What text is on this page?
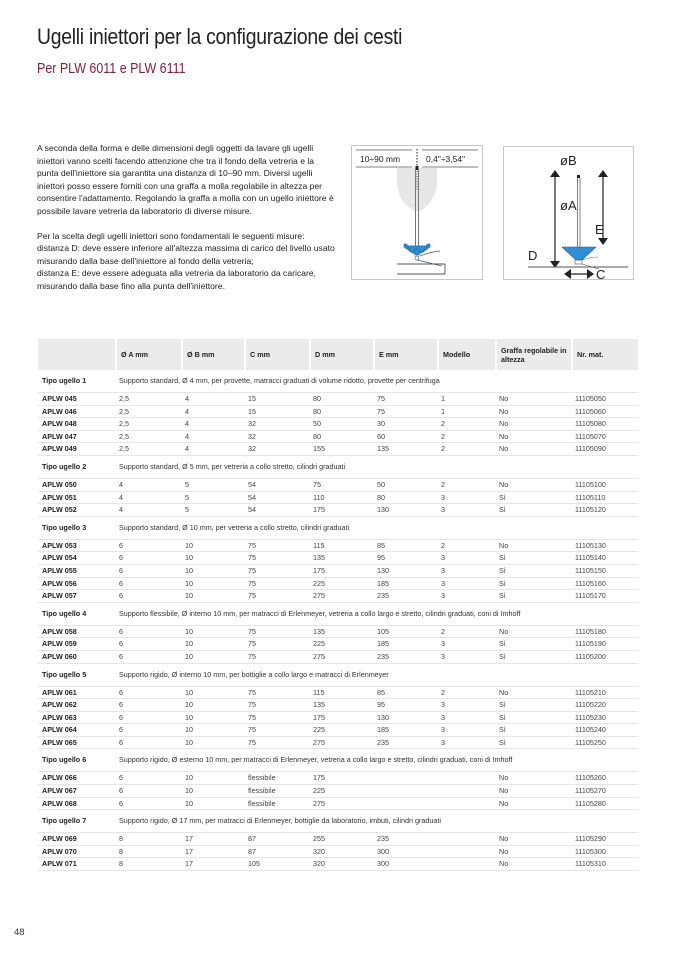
Ugelli iniettori per la configurazione dei cesti
Per PLW 6011 e PLW 6111

A seconda della forma e delle dimensioni degli oggetti da lavare gli ugelli iniettori vanno scelti facendo attenzione che tra il fondo della vetreria e la punta dell'iniettore sia garantita una distanza di 10–90 mm. Diversi ugelli iniettori posso essere forniti con una graffa a molla regolabile in altezza per consentire l'adattamento. Regolando la graffa a molla con un ugello iniettore è possibile lavare vetreria da laboratorio di diverse misure.

Per la scelta degli ugelli iniettori sono fondamentali le seguenti misure:
distanza D: deve essere inferiore all'altezza massima di carico del livello usato misurando dalla base dell'iniettore al fondo della vetreria;
distanza E: deve essere adeguata alla vetreria da laboratorio da caricare, misurando dalla base fino alla punta dell'iniettore.

10÷90 mm	0,4"÷3,54"	øB
øA
E
D
C
	Ø A mm	Ø B mm	C mm	D mm	E mm	Modello	Graffa regolabile in altezza	Nr. mat.
Tipo ugello 1	Supporto standard, Ø 4 mm, per provette, matracci graduati di volume ridotto, provette per centrifuga							
APLW 045	2,5	4	15	80	75	1	No	11105050
APLW 046	2,5	4	15	80	75	1	No	11105060
APLW 048	2,5	4	32	50	30	2	No	11105080
APLW 047	2,5	4	32	80	60	2	No	11105070
APLW 049	2,5	4	32	155	135	2	No	11105090
Tipo ugello 2	Supporto standard, Ø 5 mm, per vetreria a collo stretto, cilindri graduati							
APLW 050	4	5	54	75	50	2	No	11105100
APLW 051	4	5	54	110	80	3	Sì	11105110
APLW 052	4	5	54	175	130	3	Sì	11105120
Tipo ugello 3	Supporto standard, Ø 10 mm, per vetreria a collo stretto, cilindri graduati							
APLW 053	6	10	75	115	85	2	No	11105130
APLW 054	6	10	75	135	95	3	Sì	11105140
APLW 055	6	10	75	175	130	3	Sì	11105150
APLW 056	6	10	75	225	185	3	Sì	11105160
APLW 057	6	10	75	275	235	3	Sì	11105170
Tipo ugello 4	Supporto flessibile, Ø interno 10 mm, per matracci di Erlenmeyer, vetreria a collo largo e stretto, cilindri graduati, coni di Imhoff							
APLW 058	6	10	75	135	105	2	No	11105180
APLW 059	6	10	75	225	185	3	Sì	11105190
APLW 060	6	10	75	275	235	3	Sì	11105200
Tipo ugello 5	Supporto rigido, Ø interno 10 mm, per bottiglie a collo largo e matracci di Erlenmeyer							
APLW 061	6	10	75	115	85	2	No	11105210
APLW 062	6	10	75	135	95	3	Sì	11105220
APLW 063	6	10	75	175	130	3	Sì	11105230
APLW 064	6	10	75	225	185	3	Sì	11105240
APLW 065	6	10	75	275	235	3	Sì	11105250
Tipo ugello 6	Supporto rigido, Ø esterno 10 mm, per matracci di Erlenmeyer, vetreria a collo largo e stretto, cilindri graduati, coni di Imhoff							
APLW 066	6	10	flessibile	175			No	11105260
APLW 067	6	10	flessibile	225			No	11105270
APLW 068	6	10	flessibile	275			No	11105280
Tipo ugello 7	Supporto rigido, Ø 17 mm, per matracci di Erlenmeyer, bottiglie da laboratorio, imbuti, cilindri graduati							
APLW 069	8	17	87	255	235		No	11105290
APLW 070	8	17	87	320	300		No	11105300
APLW 071	8	17	105	320	300		No	11105310
48
